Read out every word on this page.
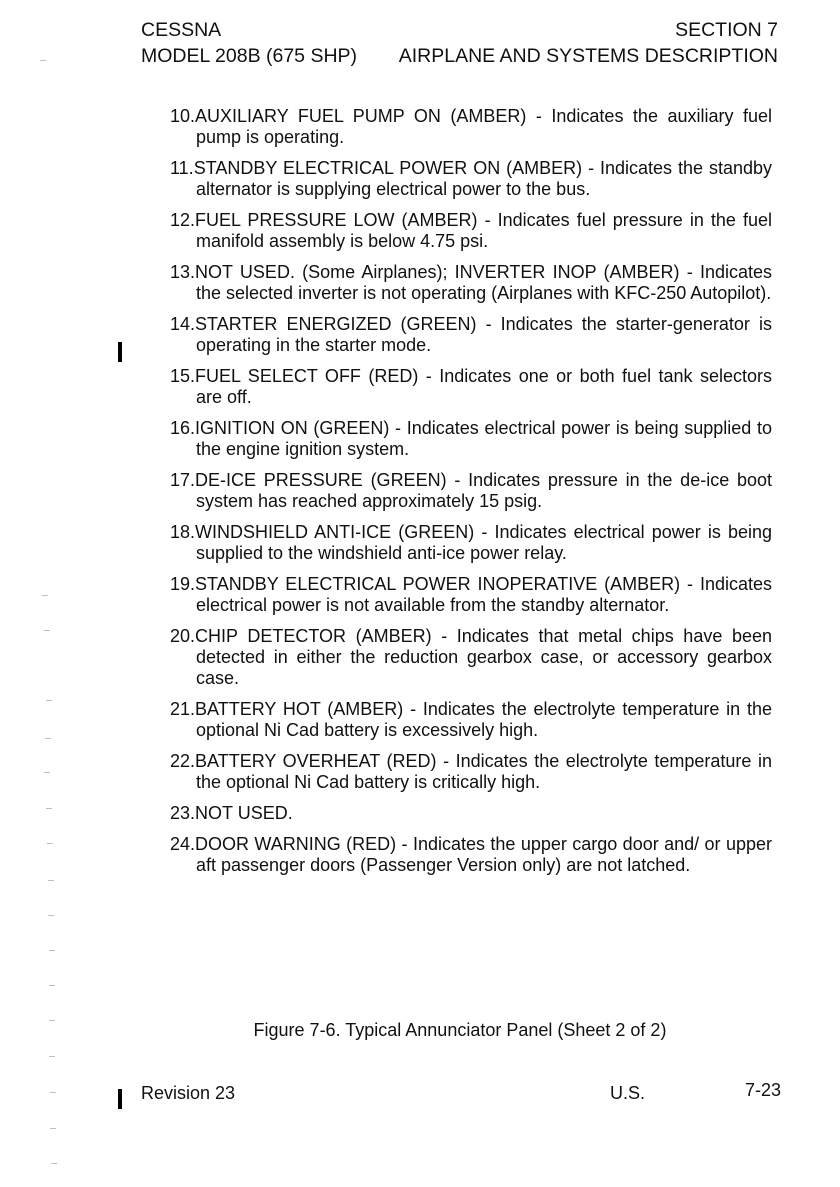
CESSNA
MODEL 208B (675 SHP)
SECTION 7
AIRPLANE AND SYSTEMS DESCRIPTION

10.AUXILIARY FUEL PUMP ON (AMBER) - Indicates the auxiliary fuel pump is operating.

11.STANDBY ELECTRICAL POWER ON (AMBER) - Indicates the standby alternator is supplying electrical power to the bus.

12.FUEL PRESSURE LOW (AMBER) - Indicates fuel pressure in the fuel manifold assembly is below 4.75 psi.

13.NOT USED. (Some Airplanes); INVERTER INOP (AMBER) - Indicates the selected inverter is not operating (Airplanes with KFC-250 Autopilot).

14.STARTER ENERGIZED (GREEN) - Indicates the starter-generator is operating in the starter mode.

15.FUEL SELECT OFF (RED) - Indicates one or both fuel tank selectors are off.

16.IGNITION ON (GREEN) - Indicates electrical power is being supplied to the engine ignition system.

17.DE-ICE PRESSURE (GREEN) - Indicates pressure in the de-ice boot system has reached approximately 15 psig.

18.WINDSHIELD ANTI-ICE (GREEN) - Indicates electrical power is being supplied to the windshield anti-ice power relay.

19.STANDBY ELECTRICAL POWER INOPERATIVE (AMBER) - Indicates electrical power is not available from the standby alternator.

20.CHIP DETECTOR (AMBER) - Indicates that metal chips have been detected in either the reduction gearbox case, or accessory gearbox case.

21.BATTERY HOT (AMBER) - Indicates the electrolyte temperature in the optional Ni Cad battery is excessively high.

22.BATTERY OVERHEAT (RED) - Indicates the electrolyte temperature in the optional Ni Cad battery is critically high.

23.NOT USED.

24.DOOR WARNING (RED) - Indicates the upper cargo door and/ or upper aft passenger doors (Passenger Version only) are not latched.

Figure 7-6. Typical Annunciator Panel (Sheet 2 of 2)
Revision 23	U.S.	7-23
